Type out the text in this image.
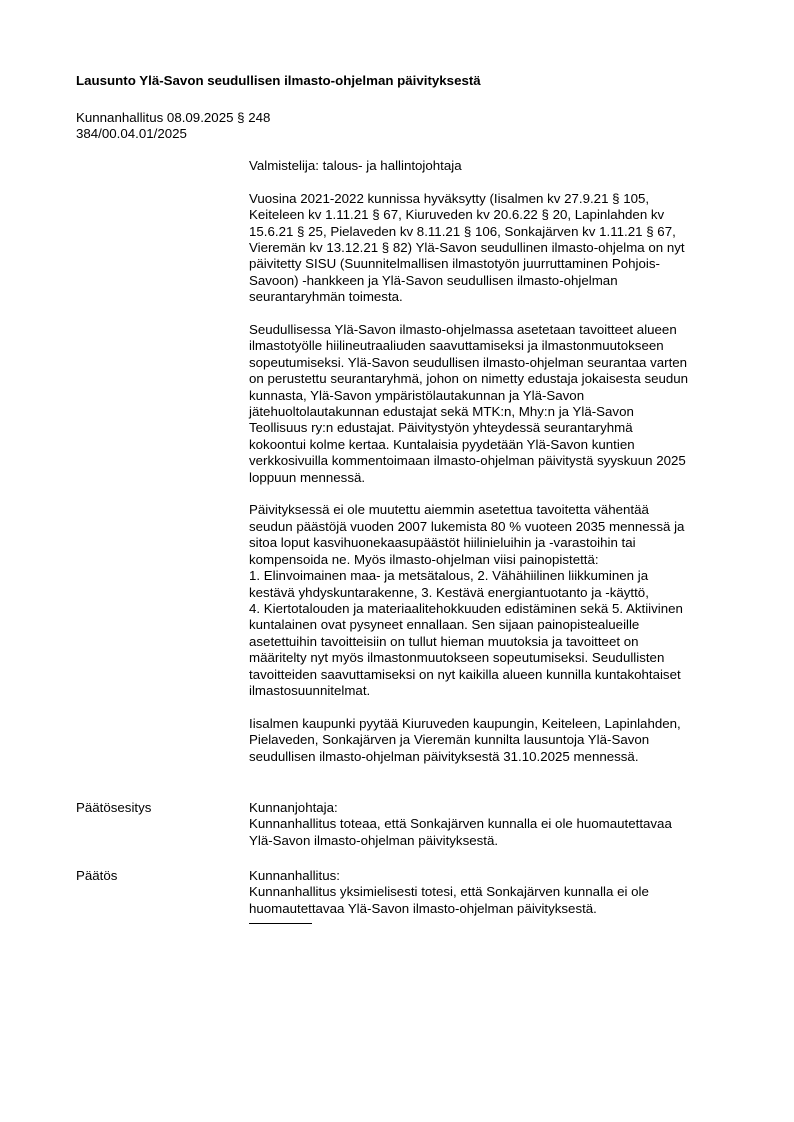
Lausunto Ylä-Savon seudullisen ilmasto-ohjelman päivityksestä
Kunnanhallitus 08.09.2025 § 248
384/00.04.01/2025

Valmistelija: talous- ja hallintojohtaja

Vuosina 2021-2022 kunnissa hyväksytty (Iisalmen kv 27.9.21 § 105,
Keiteleen kv 1.11.21 § 67, Kiuruveden kv 20.6.22 § 20, Lapinlahden kv
15.6.21 § 25, Pielaveden kv 8.11.21 § 106, Sonkajärven kv 1.11.21 § 67,
Vieremän kv 13.12.21 § 82) Ylä-Savon seudullinen ilmasto-ohjelma on nyt
päivitetty SISU (Suunnitelmallisen ilmastotyön juurruttaminen Pohjois-
Savoon) -hankkeen ja Ylä-Savon seudullisen ilmasto-ohjelman
seurantaryhmän toimesta.

Seudullisessa Ylä-Savon ilmasto-ohjelmassa asetetaan tavoitteet alueen
ilmastotyölle hiilineutraaliuden saavuttamiseksi ja ilmastonmuutokseen
sopeutumiseksi. Ylä-Savon seudullisen ilmasto-ohjelman seurantaa varten
on perustettu seurantaryhmä, johon on nimetty edustaja jokaisesta seudun
kunnasta, Ylä-Savon ympäristölautakunnan ja Ylä-Savon
jätehuoltolautakunnan edustajat sekä MTK:n, Mhy:n ja Ylä-Savon
Teollisuus ry:n edustajat. Päivitystyön yhteydessä seurantaryhmä
kokoontui kolme kertaa. Kuntalaisia pyydetään Ylä-Savon kuntien
verkkosivuilla kommentoimaan ilmasto-ohjelman päivitystä syyskuun 2025
loppuun mennessä.

Päivityksessä ei ole muutettu aiemmin asetettua tavoitetta vähentää
seudun päästöjä vuoden 2007 lukemista 80 % vuoteen 2035 mennessä ja
sitoa loput kasvihuonekaasupäästöt hiilinieluihin ja -varastoihin tai
kompensoida ne. Myös ilmasto-ohjelman viisi painopistettä:
1. Elinvoimainen maa- ja metsätalous, 2. Vähähiilinen liikkuminen ja
kestävä yhdyskuntarakenne, 3. Kestävä energiantuotanto ja -käyttö,
4. Kiertotalouden ja materiaalitehokkuuden edistäminen sekä 5. Aktiivinen
kuntalainen ovat pysyneet ennallaan. Sen sijaan painopistealueille
asetettuihin tavoitteisiin on tullut hieman muutoksia ja tavoitteet on
määritelty nyt myös ilmastonmuutokseen sopeutumiseksi. Seudullisten
tavoitteiden saavuttamiseksi on nyt kaikilla alueen kunnilla kuntakohtaiset
ilmastosuunnitelmat.

Iisalmen kaupunki pyytää Kiuruveden kaupungin, Keiteleen, Lapinlahden,
Pielaveden, Sonkajärven ja Vieremän kunnilta lausuntoja Ylä-Savon
seudullisen ilmasto-ohjelman päivityksestä 31.10.2025 mennessä.

Päätösesitys	Kunnanjohtaja:
Kunnanhallitus toteaa, että Sonkajärven kunnalla ei ole huomautettavaa
Ylä-Savon ilmasto-ohjelman päivityksestä.
Päätös	Kunnanhallitus:
Kunnanhallitus yksimielisesti totesi, että Sonkajärven kunnalla ei ole
huomautettavaa Ylä-Savon ilmasto-ohjelman päivityksestä.
